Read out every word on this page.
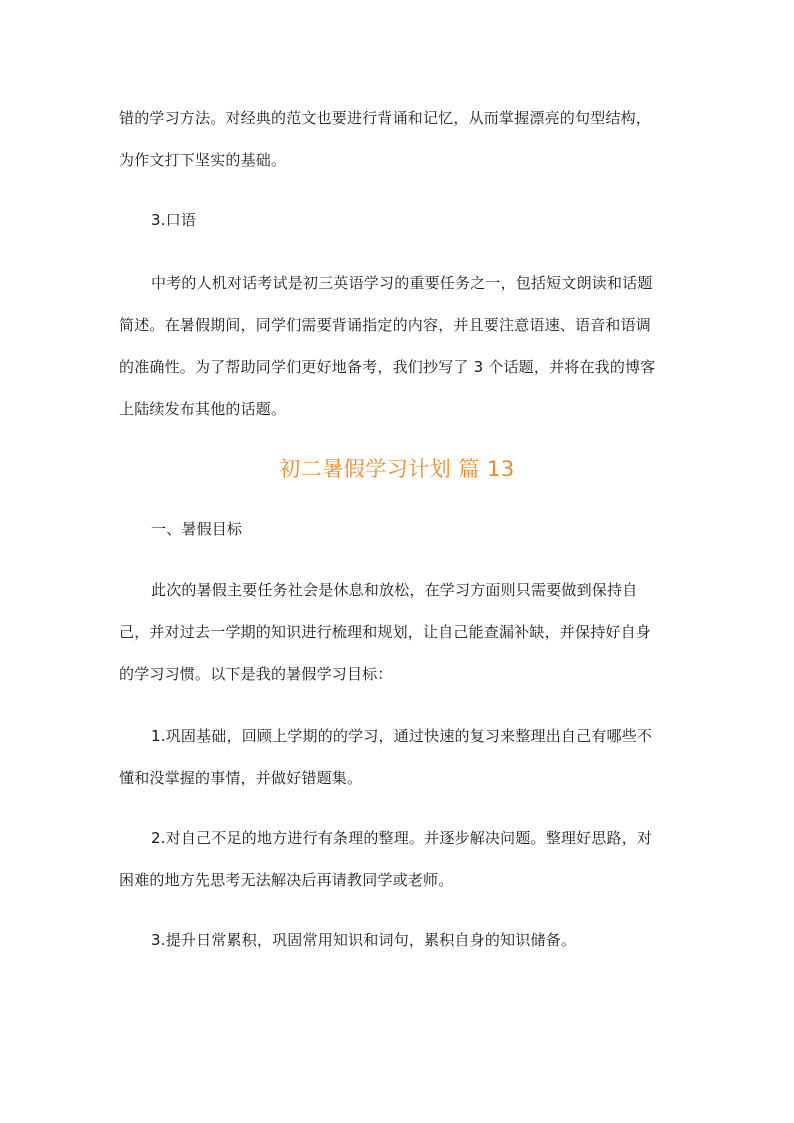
错的学习方法。对经典的范文也要进行背诵和记忆，从而掌握漂亮的句型结构，
为作文打下坚实的基础。
3.口语
中考的人机对话考试是初三英语学习的重要任务之一，包括短文朗读和话题
简述。在暑假期间，同学们需要背诵指定的内容，并且要注意语速、语音和语调
的准确性。为了帮助同学们更好地备考，我们抄写了 3 个话题，并将在我的博客
上陆续发布其他的话题。
初二暑假学习计划 篇 13
一、暑假目标
此次的暑假主要任务社会是休息和放松，在学习方面则只需要做到保持自
己，并对过去一学期的知识进行梳理和规划，让自己能查漏补缺，并保持好自身
的学习习惯。以下是我的暑假学习目标：
1.巩固基础，回顾上学期的的学习，通过快速的复习来整理出自己有哪些不
懂和没掌握的事情，并做好错题集。
2.对自己不足的地方进行有条理的整理。并逐步解决问题。整理好思路，对
困难的地方先思考无法解决后再请教同学或老师。
3.提升日常累积，巩固常用知识和词句，累积自身的知识储备。
